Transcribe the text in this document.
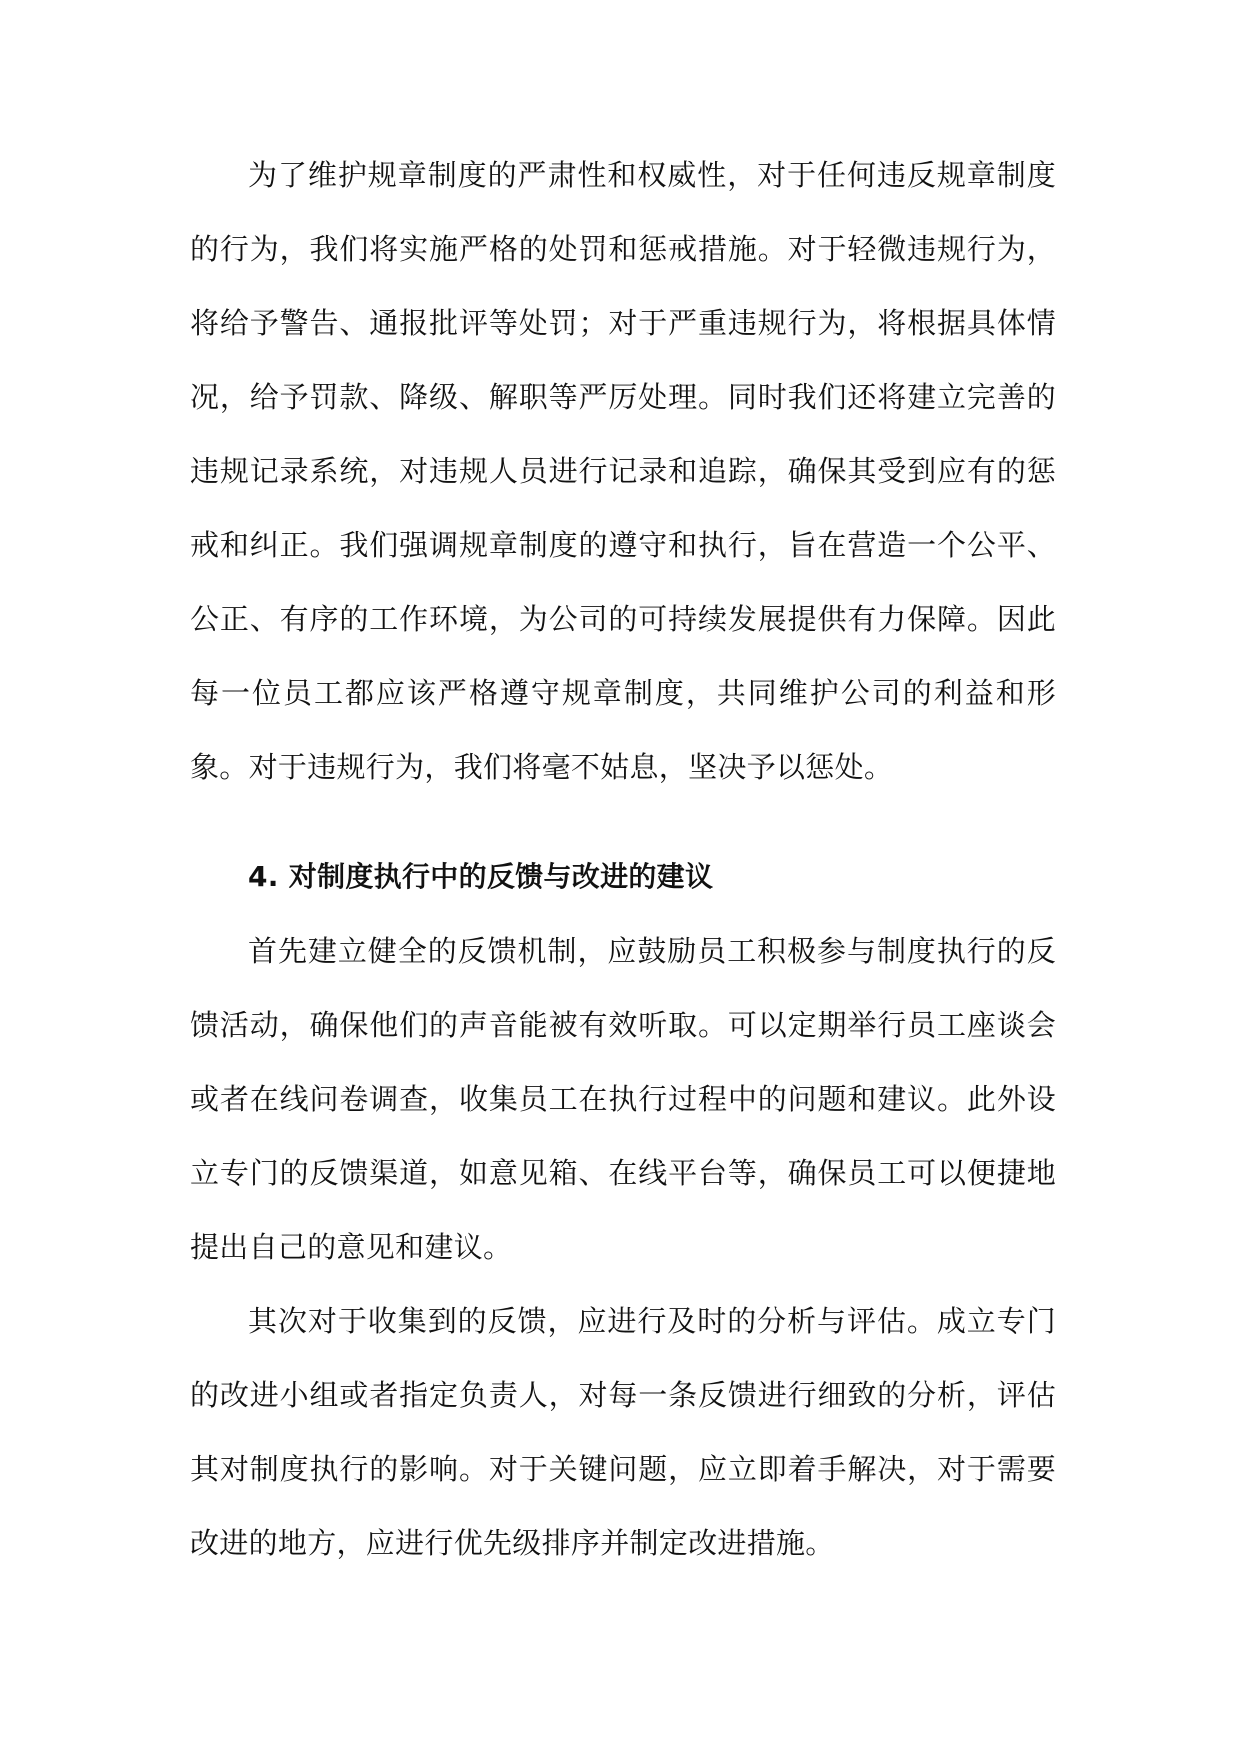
为了维护规章制度的严肃性和权威性，对于任何违反规章制度的行为，我们将实施严格的处罚和惩戒措施。对于轻微违规行为，将给予警告、通报批评等处罚；对于严重违规行为，将根据具体情况，给予罚款、降级、解职等严厉处理。同时我们还将建立完善的违规记录系统，对违规人员进行记录和追踪，确保其受到应有的惩戒和纠正。我们强调规章制度的遵守和执行，旨在营造一个公平、公正、有序的工作环境，为公司的可持续发展提供有力保障。因此每一位员工都应该严格遵守规章制度，共同维护公司的利益和形象。对于违规行为，我们将毫不姑息，坚决予以惩处。

4. 对制度执行中的反馈与改进的建议

首先建立健全的反馈机制，应鼓励员工积极参与制度执行的反馈活动，确保他们的声音能被有效听取。可以定期举行员工座谈会或者在线问卷调查，收集员工在执行过程中的问题和建议。此外设立专门的反馈渠道，如意见箱、在线平台等，确保员工可以便捷地提出自己的意见和建议。

其次对于收集到的反馈，应进行及时的分析与评估。成立专门的改进小组或者指定负责人，对每一条反馈进行细致的分析，评估其对制度执行的影响。对于关键问题，应立即着手解决，对于需要改进的地方，应进行优先级排序并制定改进措施。
